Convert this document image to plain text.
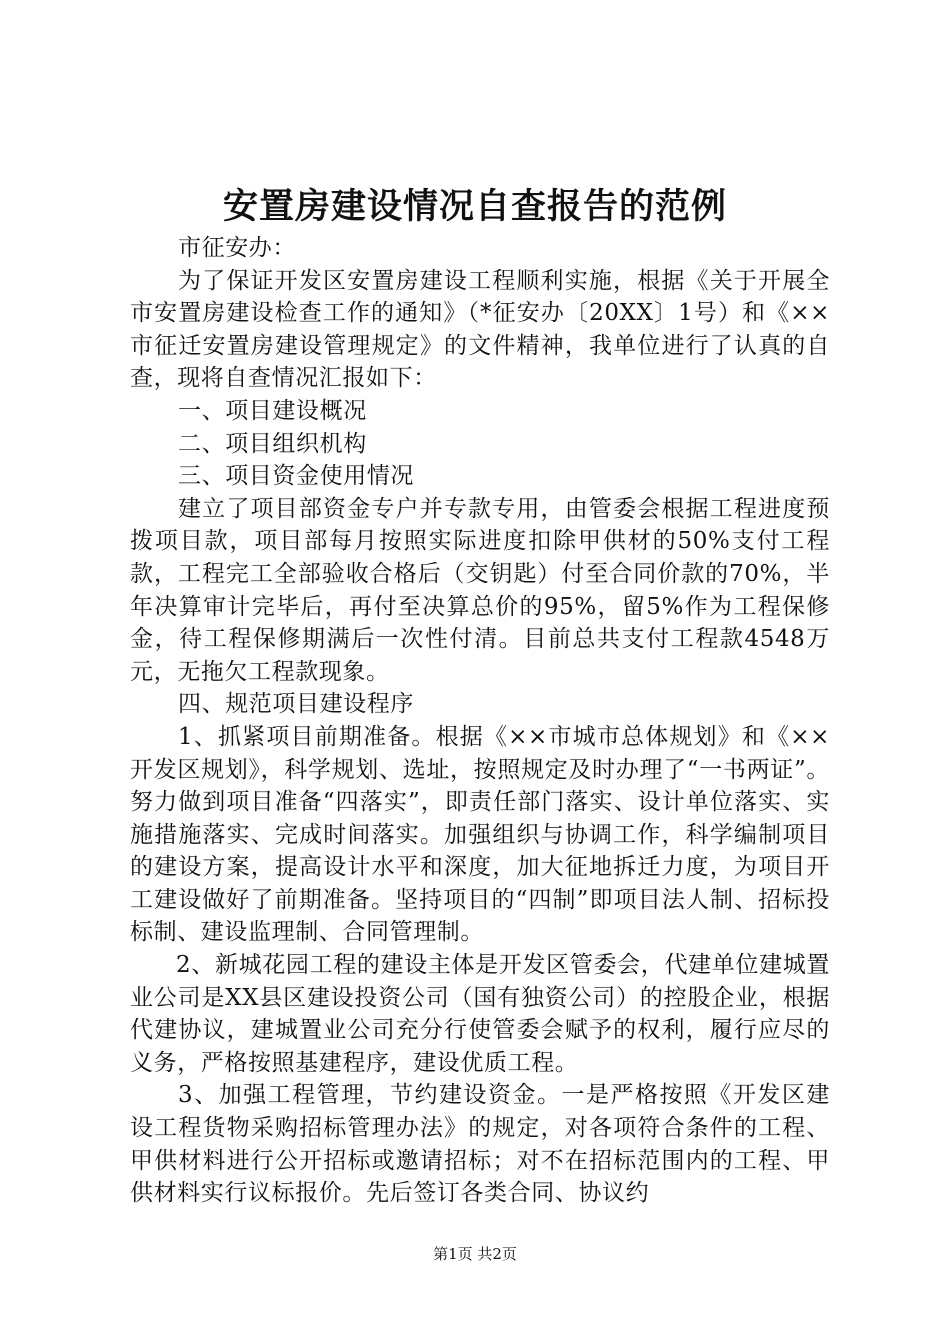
安置房建设情况自查报告的范例

市征安办：

为了保证开发区安置房建设工程顺利实施，根据《关于开展全市安置房建设检查工作的通知》（*征安办〔20XX〕1号）和《××市征迁安置房建设管理规定》的文件精神，我单位进行了认真的自查，现将自查情况汇报如下：

一、项目建设概况

二、项目组织机构

三、项目资金使用情况

建立了项目部资金专户并专款专用，由管委会根据工程进度预拨项目款，项目部每月按照实际进度扣除甲供材的50%支付工程款，工程完工全部验收合格后（交钥匙）付至合同价款的70%，半年决算审计完毕后，再付至决算总价的95%，留5%作为工程保修金，待工程保修期满后一次性付清。目前总共支付工程款4548万元，无拖欠工程款现象。

四、规范项目建设程序

1、抓紧项目前期准备。根据《××市城市总体规划》和《××开发区规划》，科学规划、选址，按照规定及时办理了“一书两证”。努力做到项目准备“四落实”，即责任部门落实、设计单位落实、实施措施落实、完成时间落实。加强组织与协调工作，科学编制项目的建设方案，提高设计水平和深度，加大征地拆迁力度，为项目开工建设做好了前期准备。坚持项目的“四制”即项目法人制、招标投标制、建设监理制、合同管理制。

2、新城花园工程的建设主体是开发区管委会，代建单位建城置业公司是XX县区建设投资公司（国有独资公司）的控股企业，根据代建协议，建城置业公司充分行使管委会赋予的权利，履行应尽的义务，严格按照基建程序，建设优质工程。

3、加强工程管理，节约建设资金。一是严格按照《开发区建设工程货物采购招标管理办法》的规定，对各项符合条件的工程、甲供材料进行公开招标或邀请招标；对不在招标范围内的工程、甲供材料实行议标报价。先后签订各类合同、协议约

第1页 共2页
